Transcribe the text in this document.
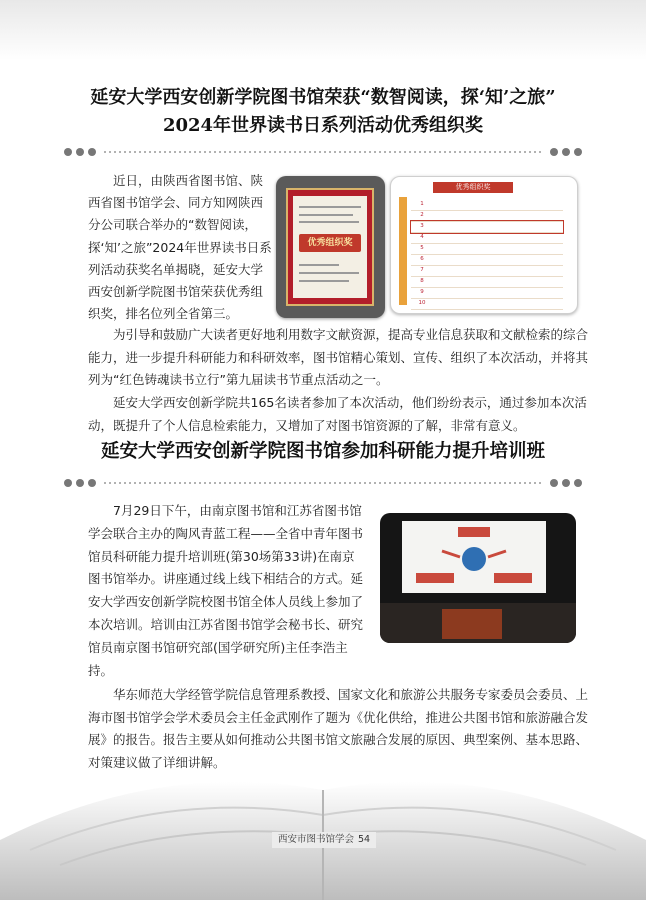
延安大学西安创新学院图书馆荣获“数智阅读，探‘知’之旅”
2024年世界读书日系列活动优秀组织奖
近日，由陕西省图书馆、陕西省图书馆学会、同方知网陕西分公司联合举办的“数智阅读，探‘知’之旅”2024年世界读书日系列活动获奖名单揭晓，延安大学西安创新学院图书馆荣获优秀组织奖，排名位列全省第三。
优秀组织奖
优秀组织奖
1
2
3
4
5
6
7
8
9
10
为引导和鼓励广大读者更好地利用数字文献资源，提高专业信息获取和文献检索的综合能力，进一步提升科研能力和科研效率，图书馆精心策划、宣传、组织了本次活动，并将其列为“红色铸魂读书立行”第九届读书节重点活动之一。
延安大学西安创新学院共165名读者参加了本次活动，他们纷纷表示，通过参加本次活动，既提升了个人信息检索能力，又增加了对图书馆资源的了解，非常有意义。
延安大学西安创新学院图书馆参加科研能力提升培训班
7月29日下午，由南京图书馆和江苏省图书馆学会联合主办的陶风青蓝工程——全省中青年图书馆员科研能力提升培训班(第30场第33讲)在南京图书馆举办。讲座通过线上线下相结合的方式。延安大学西安创新学院校图书馆全体人员线上参加了本次培训。培训由江苏省图书馆学会秘书长、研究馆员南京图书馆研究部(国学研究所)主任李浩主持。
华东师范大学经管学院信息管理系教授、国家文化和旅游公共服务专家委员会委员、上海市图书馆学会学术委员会主任金武刚作了题为《优化供给，推进公共图书馆和旅游融合发展》的报告。报告主要从如何推动公共图书馆文旅融合发展的原因、典型案例、基本思路、对策建议做了详细讲解。
西安市图书馆学会 54
